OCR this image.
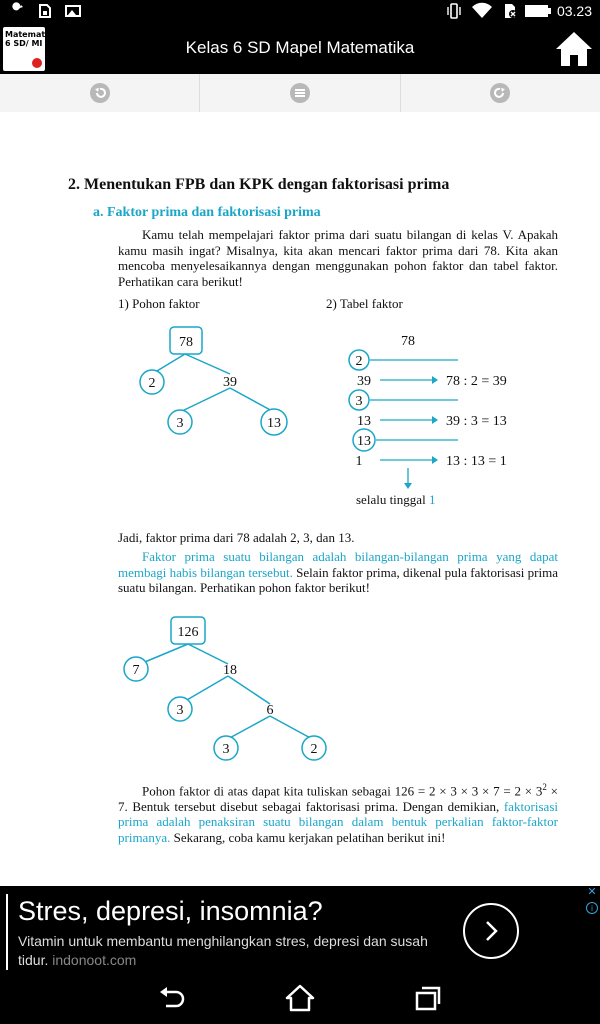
03.23
Matematika 6 SD/ MI	Kelas 6 SD Mapel Matematika
2. Menentukan FPB dan KPK dengan faktorisasi prima
a. Faktor prima dan faktorisasi prima
Kamu telah mempelajari faktor prima dari suatu bilangan di kelas V. Apakah kamu masih ingat? Misalnya, kita akan mencari faktor prima dari 78. Kita akan mencoba menyelesaikannya dengan menggunakan pohon faktor dan tabel faktor. Perhatikan cara berikut!
1) Pohon faktor	2) Tabel faktor
78
2	39
3	13
78
2
39	78 : 2 = 39
3
13	39 : 3 = 13
13
1	13 : 13 = 1
selalu tinggal 1
Jadi, faktor prima dari 78 adalah 2, 3, dan 13.
Faktor prima suatu bilangan adalah bilangan-bilangan prima yang dapat membagi habis bilangan tersebut. Selain faktor prima, dikenal pula faktorisasi prima suatu bilangan. Perhatikan pohon faktor berikut!
126
7	18
3	6
3	2
Pohon faktor di atas dapat kita tuliskan sebagai $126 = 2 \times 3 \times 3 \times 7 = 2 \times 3^2 \times 7$. Bentuk tersebut disebut sebagai faktorisasi prima. Dengan demikian, faktorisasi prima adalah penaksiran suatu bilangan dalam bentuk perkalian faktor-faktor primanya. Sekarang, coba kamu kerjakan pelatihan berikut ini!
Stres, depresi, insomnia?
Vitamin untuk membantu menghilangkan stres, depresi dan susah tidur. indonoot.com
✕
i
